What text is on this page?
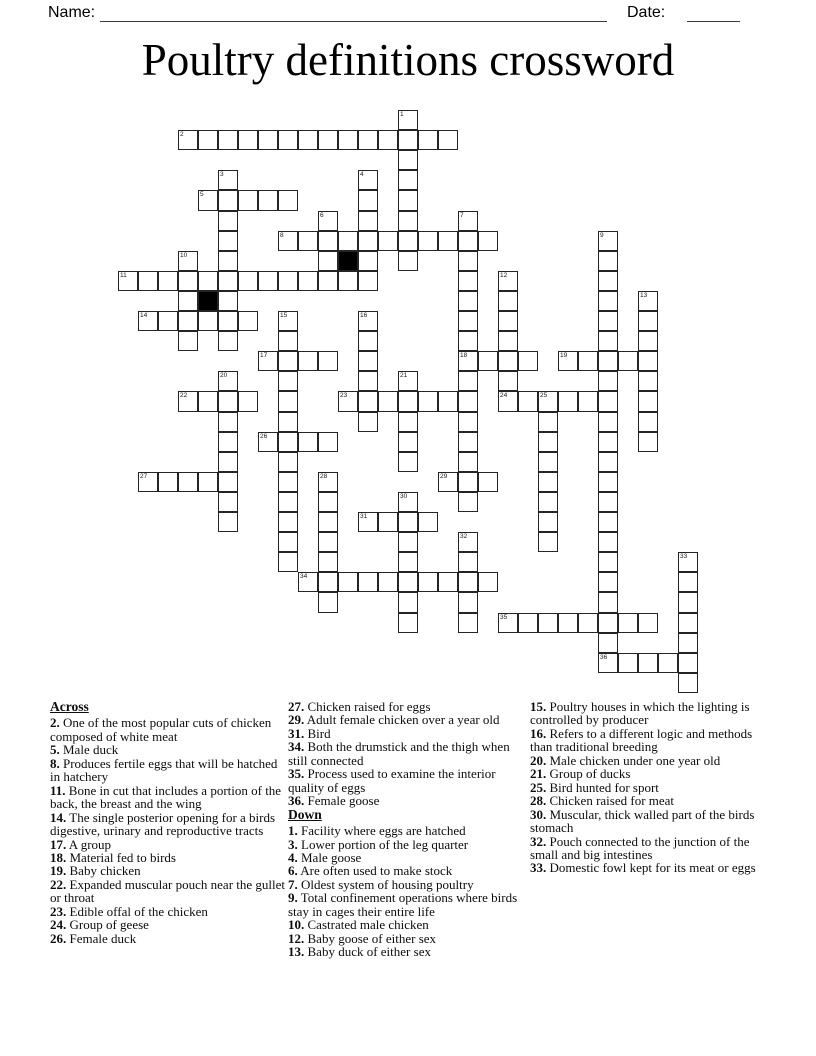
Name:	Date:
Poultry definitions crossword
1
2
3	4
5
6	7
18
8	9
36
10
11	12
24
13
14	15	16
17	19
20	21
22	23	25
26
27	28	29
30
31
32
33
34
35
Across
2. One of the most popular cuts of chicken composed of white meat
5. Male duck
8. Produces fertile eggs that will be hatched in hatchery
11. Bone in cut that includes a portion of the back, the breast and the wing
14. The single posterior opening for a birds digestive, urinary and reproductive tracts
17. A group
18. Material fed to birds
19. Baby chicken
22. Expanded muscular pouch near the gullet or throat
23. Edible offal of the chicken
24. Group of geese
26. Female duck
27. Chicken raised for eggs
29. Adult female chicken over a year old
31. Bird
34. Both the drumstick and the thigh when still connected
35. Process used to examine the interior quality of eggs
36. Female goose
Down
1. Facility where eggs are hatched
3. Lower portion of the leg quarter
4. Male goose
6. Are often used to make stock
7. Oldest system of housing poultry
9. Total confinement operations where birds stay in cages their entire life
10. Castrated male chicken
12. Baby goose of either sex
13. Baby duck of either sex
15. Poultry houses in which the lighting is controlled by producer
16. Refers to a different logic and methods than traditional breeding
20. Male chicken under one year old
21. Group of ducks
25. Bird hunted for sport
28. Chicken raised for meat
30. Muscular, thick walled part of the birds stomach
32. Pouch connected to the junction of the small and big intestines
33. Domestic fowl kept for its meat or eggs
